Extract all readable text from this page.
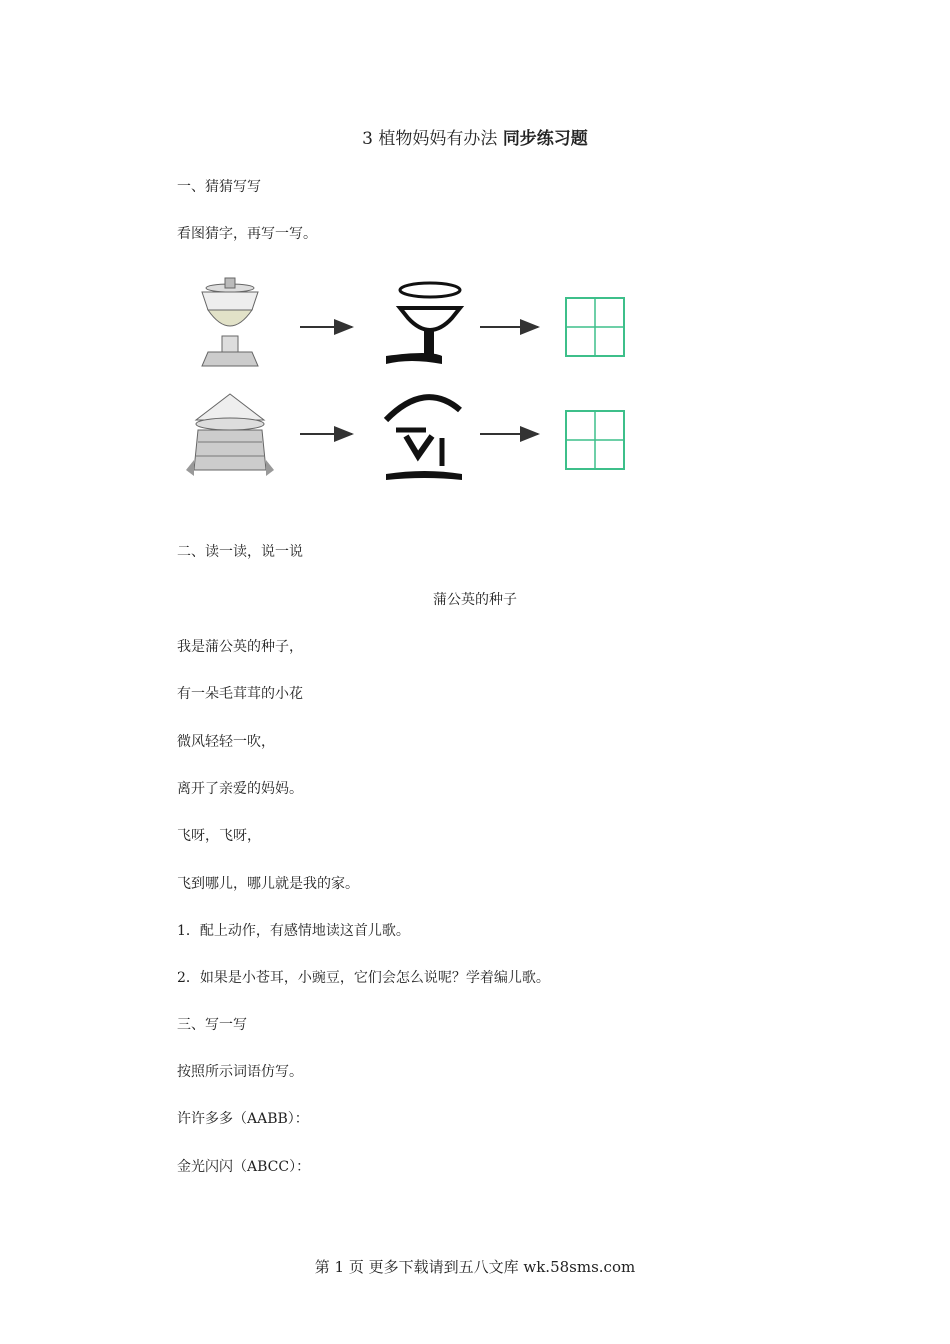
3 植物妈妈有办法 同步练习题
一、猜猜写写
看图猜字，再写一写。
二、读一读，说一说
蒲公英的种子
我是蒲公英的种子，
有一朵毛茸茸的小花
微风轻轻一吹，
离开了亲爱的妈妈。
飞呀，飞呀，
飞到哪儿，哪儿就是我的家。
1．配上动作，有感情地读这首儿歌。
2．如果是小苍耳，小豌豆，它们会怎么说呢？学着编儿歌。
三、写一写
按照所示词语仿写。
许许多多（AABB）：
金光闪闪（ABCC）：
第 1 页 更多下载请到五八文库 wk.58sms.com
